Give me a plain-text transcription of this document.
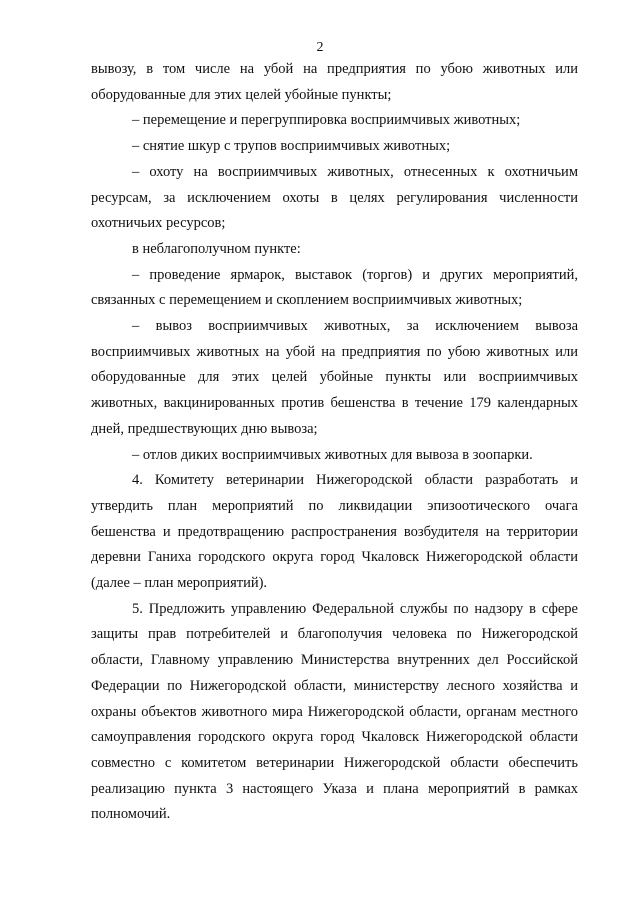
2

вывозу, в том числе на убой на предприятия по убою животных или оборудованные для этих целей убойные пункты;

– перемещение и перегруппировка восприимчивых животных;

– снятие шкур с трупов восприимчивых животных;

– охоту на восприимчивых животных, отнесенных к охотничьим ресурсам, за исключением охоты в целях регулирования численности охотничьих ресурсов;

в неблагополучном пункте:

– проведение ярмарок, выставок (торгов) и других мероприятий, связанных с перемещением и скоплением восприимчивых животных;

– вывоз восприимчивых животных, за исключением вывоза восприимчивых животных на убой на предприятия по убою животных или оборудованные для этих целей убойные пункты или восприимчивых животных, вакцинированных против бешенства в течение 179 календарных дней, предшествующих дню вывоза;

– отлов диких восприимчивых животных для вывоза в зоопарки.

4. Комитету ветеринарии Нижегородской области разработать и утвердить план мероприятий по ликвидации эпизоотического очага бешенства и предотвращению распространения возбудителя на территории деревни Ганиха городского округа город Чкаловск Нижегородской области (далее – план мероприятий).

5. Предложить управлению Федеральной службы по надзору в сфере защиты прав потребителей и благополучия человека по Нижегородской области, Главному управлению Министерства внутренних дел Российской Федерации по Нижегородской области, министерству лесного хозяйства и охраны объектов животного мира Нижегородской области, органам местного самоуправления городского округа город Чкаловск Нижегородской области совместно с комитетом ветеринарии Нижегородской области обеспечить реализацию пункта 3 настоящего Указа и плана мероприятий в рамках полномочий.
